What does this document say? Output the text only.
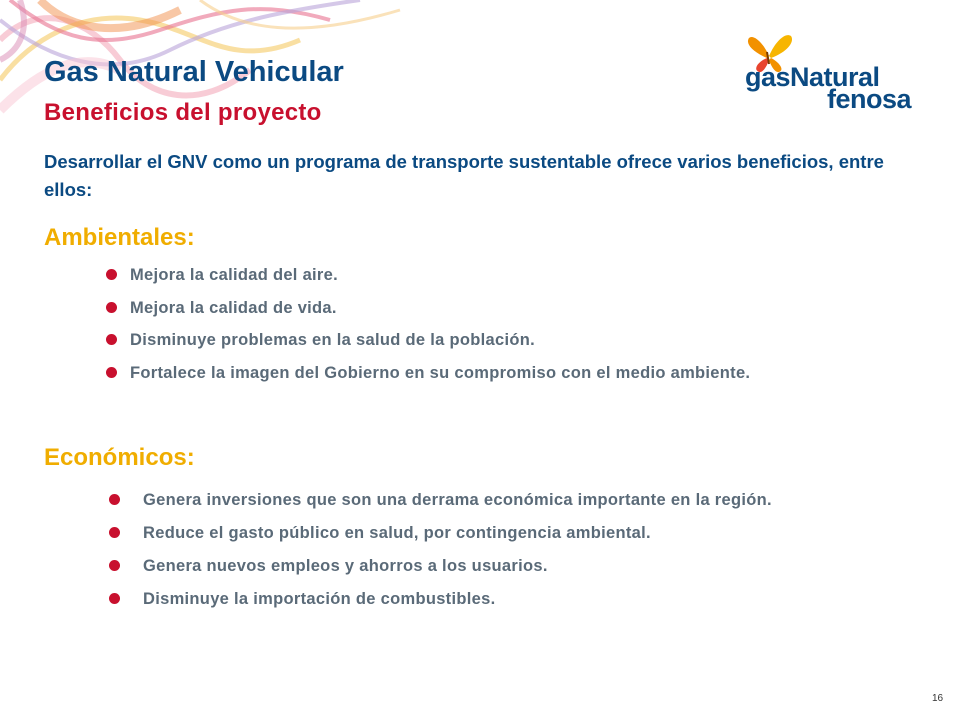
Gas Natural Vehicular
Beneficios del proyecto
gasNatural
fenosa

Desarrollar el GNV como un programa de transporte sustentable ofrece varios beneficios, entre ellos:

Ambientales:
Mejora la calidad del aire.
Mejora la calidad de vida.
Disminuye problemas en la salud de la población.
Fortalece la imagen del Gobierno en su compromiso con el medio ambiente.
Económicos:
Genera inversiones que son una derrama económica importante en la región.
Reduce el gasto público en salud, por contingencia ambiental.
Genera nuevos empleos y ahorros a los usuarios.
Disminuye la importación de combustibles.
16
